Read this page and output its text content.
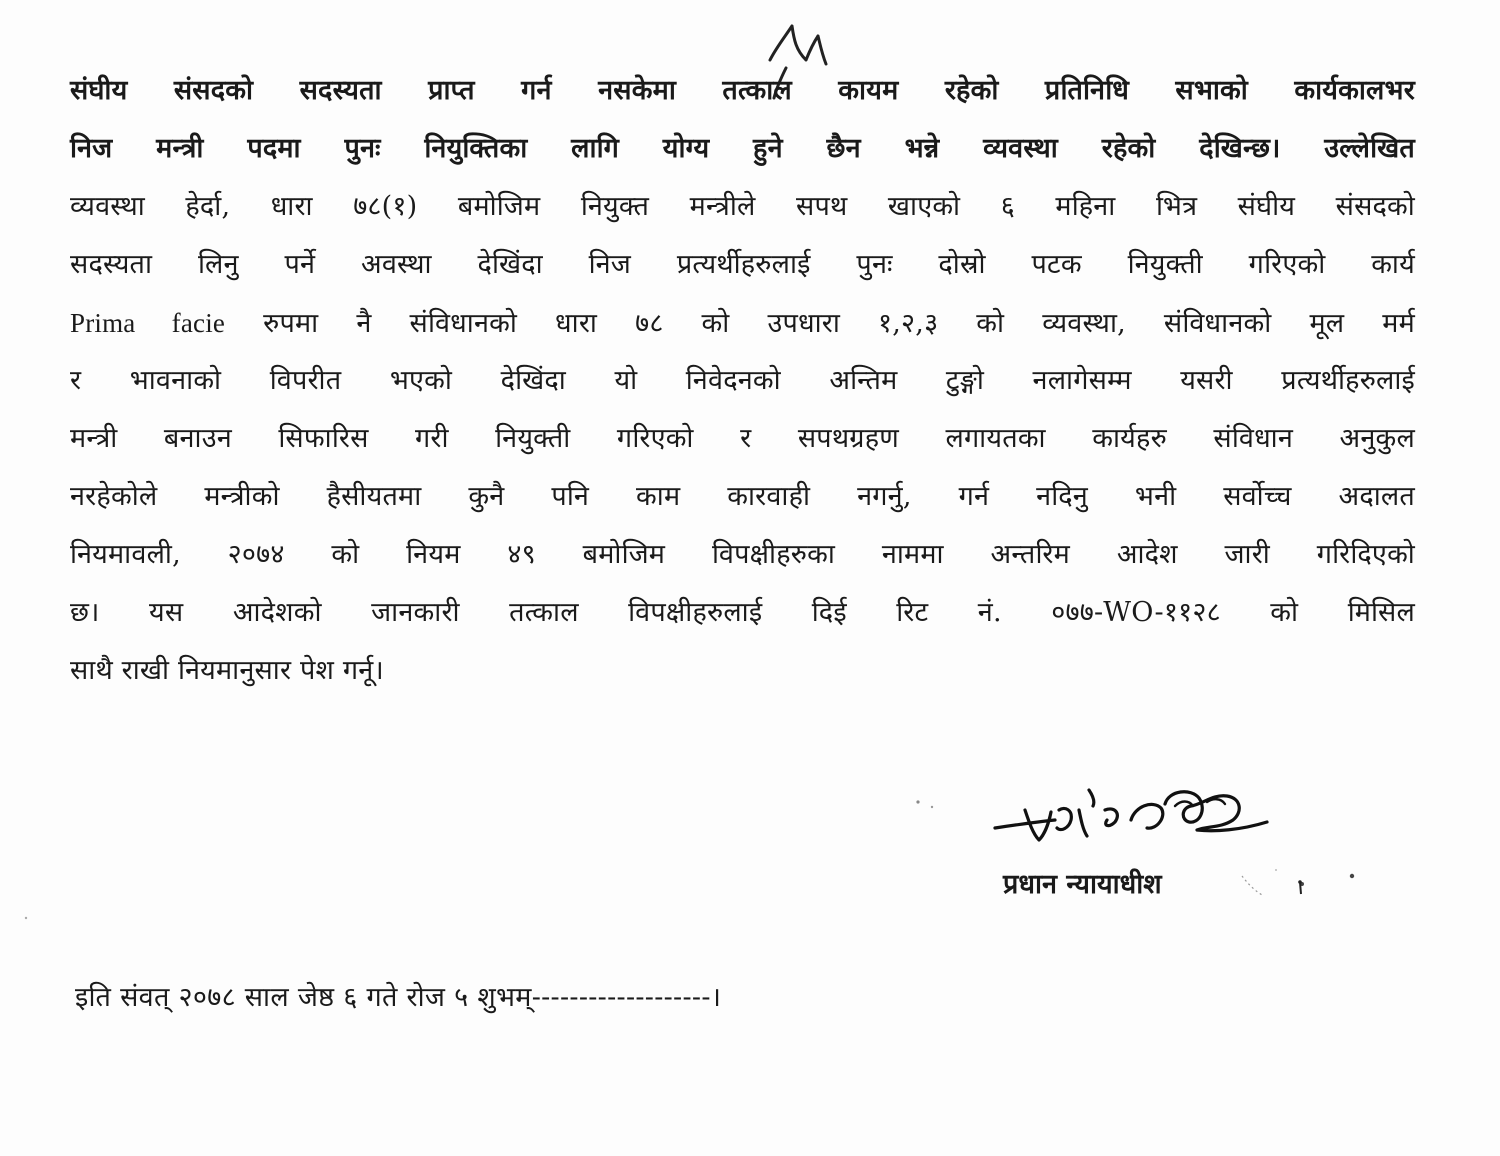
संघीय संसदको सदस्यता प्राप्त गर्न नसकेमा तत्काल कायम रहेको प्रतिनिधि सभाको कार्यकालभर
निज मन्त्री पदमा पुनः नियुक्तिका लागि योग्य हुने छैन भन्ने व्यवस्था रहेको देखिन्छ। उल्लेखित
व्यवस्था हेर्दा, धारा ७८(१) बमोजिम नियुक्त मन्त्रीले सपथ खाएको ६ महिना भित्र संघीय संसदको
सदस्यता लिनु पर्ने अवस्था देखिंदा निज प्रत्यर्थीहरुलाई पुनः दोस्रो पटक नियुक्ती गरिएको कार्य
Prima facie रुपमा नै संविधानको धारा ७८ को उपधारा १,२,३ को व्यवस्था, संविधानको मूल मर्म
र भावनाको विपरीत भएको देखिंदा यो निवेदनको अन्तिम टुङ्गो नलागेसम्म यसरी प्रत्यर्थीहरुलाई
मन्त्री बनाउन सिफारिस गरी नियुक्ती गरिएको र सपथग्रहण लगायतका कार्यहरु संविधान अनुकुल
नरहेकोले मन्त्रीको हैसीयतमा कुनै पनि काम कारवाही नगर्नु, गर्न नदिनु भनी सर्वोच्च अदालत
नियमावली, २०७४ को नियम ४९ बमोजिम विपक्षीहरुका नाममा अन्तरिम आदेश जारी गरिदिएको
छ। यस आदेशको जानकारी तत्काल विपक्षीहरुलाई दिई रिट नं. ०७७-WO-११२८ को मिसिल
साथै राखी नियमानुसार पेश गर्नू।
प्रधान न्यायाधीश
इति संवत् २०७८ साल जेष्ठ ६ गते रोज ५ शुभम्-------------------।
